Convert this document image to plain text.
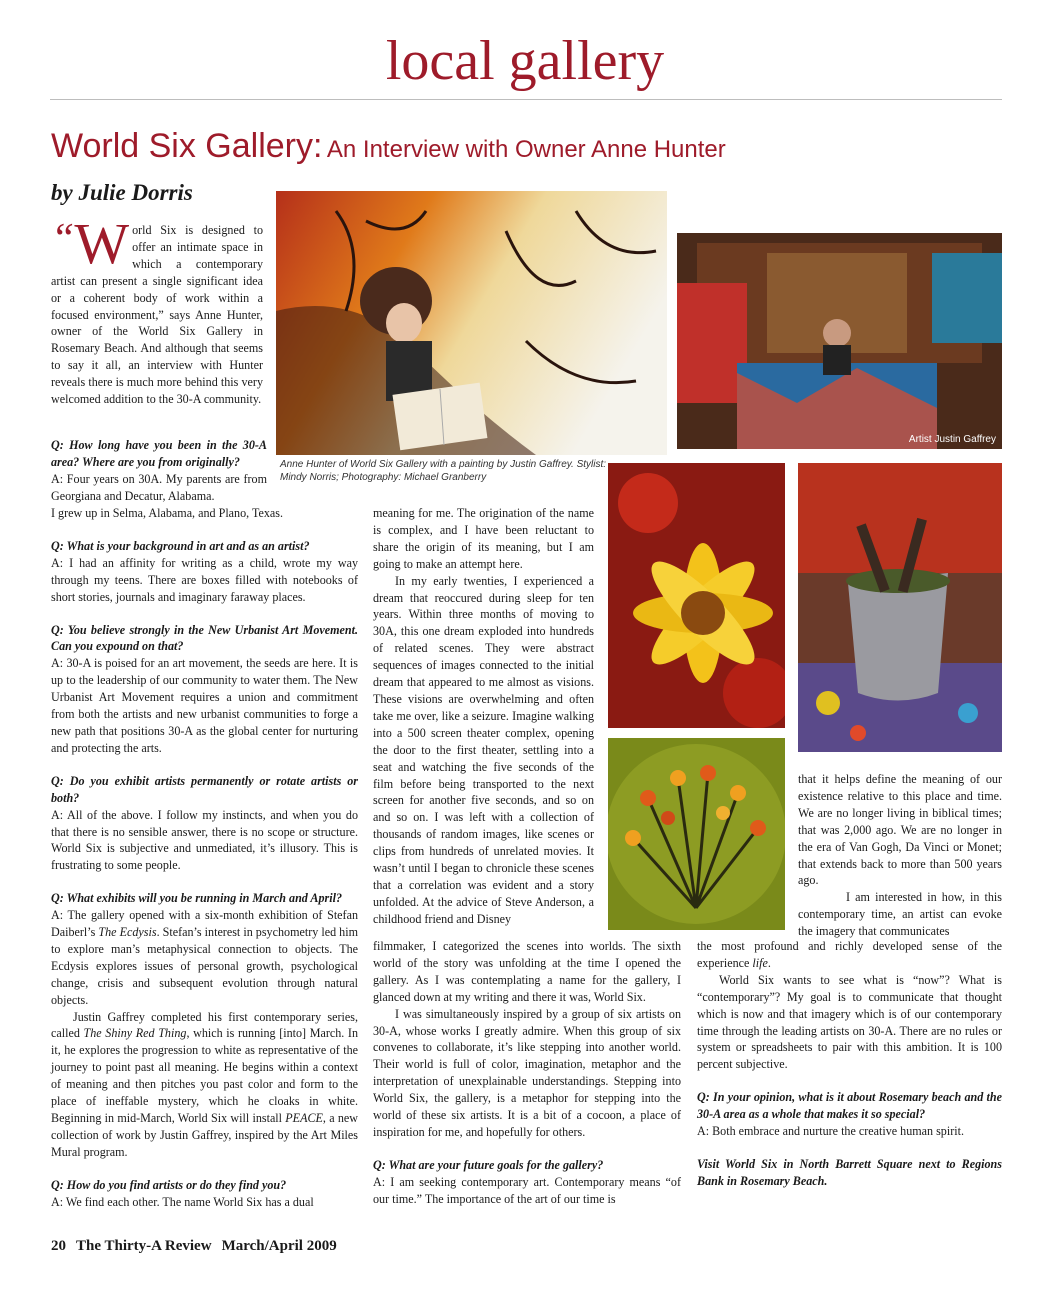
local gallery
World Six Gallery: An Interview with Owner Anne Hunter
by Julie Dorris

“ W orld Six is designed to offer an intimate space in which a contemporary artist can present a single significant idea or a coherent body of work within a focused environment,” says Anne Hunter, owner of the World Six Gallery in Rosemary Beach. And although that seems to say it all, an interview with Hunter reveals there is much more behind this very welcomed addition to the 30-A community.

Q: How long have you been in the 30-A area? Where are you from originally?

A: Four years on 30A. My parents are from Georgiana and Decatur, Alabama.

I grew up in Selma, Alabama, and Plano, Texas.

Q: What is your background in art and as an artist?

A: I had an affinity for writing as a child, wrote my way through my teens. There are boxes filled with notebooks of short stories, journals and imaginary faraway places.

Q: You believe strongly in the New Urbanist Art Movement. Can you expound on that?

A: 30-A is poised for an art movement, the seeds are here. It is up to the leadership of our community to water them. The New Urbanist Art Movement requires a union and commitment from both the artists and new urbanist communities to forge a new path that positions 30-A as the global center for nurturing and protecting the arts.

Q: Do you exhibit artists permanently or rotate artists or both?

A: All of the above. I follow my instincts, and when you do that there is no sensible answer, there is no scope or structure. World Six is subjective and unmediated, it’s illusory. This is frustrating to some people.

Q: What exhibits will you be running in March and April?

A: The gallery opened with a six-month exhibition of Stefan Daiberl’s The Ecdysis. Stefan’s interest in psychometry led him to explore man’s metaphysical connection to objects. The Ecdysis explores issues of personal growth, psychological change, crisis and subsequent evolution through natural objects.

Justin Gaffrey completed his first contemporary series, called The Shiny Red Thing, which is running [into] March. In it, he explores the progression to white as representative of the journey to point past all meaning. He begins within a context of meaning and then pitches you past color and form to the place of ineffable mystery, which he cloaks in white. Beginning in mid-March, World Six will install PEACE, a new collection of work by Justin Gaffrey, inspired by the Art Miles Mural program.

Q: How do you find artists or do they find you?

A: We find each other. The name World Six has a dual

meaning for me. The origination of the name is complex, and I have been reluctant to share the origin of its meaning, but I am going to make an attempt here.

In my early twenties, I experienced a dream that reoccured during sleep for ten years. Within three months of moving to 30A, this one dream exploded into hundreds of related scenes. They were abstract sequences of images connected to the initial dream that appeared to me almost as visions. These visions are overwhelming and often take me over, like a seizure. Imagine walking into a 500 screen theater complex, opening the door to the first theater, settling into a seat and watching the five seconds of the film before being transported to the next screen for another five seconds, and so on and so on. I was left with a collection of thousands of random images, like scenes or clips from hundreds of unrelated movies. It wasn’t until I began to chronicle these scenes that a correlation was evident and a story unfolded. At the advice of Steve Anderson, a childhood friend and Disney

filmmaker, I categorized the scenes into worlds. The sixth world of the story was unfolding at the time I opened the gallery. As I was contemplating a name for the gallery, I glanced down at my writing and there it was, World Six.

I was simultaneously inspired by a group of six artists on 30-A, whose works I greatly admire. When this group of six convenes to collaborate, it’s like stepping into another world. Their world is full of color, imagination, metaphor and the interpretation of unexplainable understandings. Stepping into World Six, the gallery, is a metaphor for stepping into the world of these six artists. It is a bit of a cocoon, a place of inspiration for me, and hopefully for others.

Q: What are your future goals for the gallery?

A: I am seeking contemporary art. Contemporary means “of our time.” The importance of the art of our time is

that it helps define the meaning of our existence relative to this place and time. We are no longer living in biblical times; that was 2,000 ago. We are no longer in the era of Van Gogh, Da Vinci or Monet; that extends back to more than 500 years ago.

I am interested in how, in this contemporary time, an artist can evoke the imagery that communicates

the most profound and richly developed sense of the experience life.

World Six wants to see what is “now”? What is “contemporary”? My goal is to communicate that thought which is now and that imagery which is of our contemporary time through the leading artists on 30-A. There are no rules or system or spreadsheets to pair with this ambition. It is 100 percent subjective.

Q: In your opinion, what is it about Rosemary beach and the 30-A area as a whole that makes it so special?

A: Both embrace and nurture the creative human spirit.

Visit World Six in North Barrett Square next to Regions Bank in Rosemary Beach.

Anne Hunter of World Six Gallery with a painting by Justin Gaffrey. Stylist: Mindy Norris; Photography: Michael Granberry
Artist Justin Gaffrey
20 The Thirty-A Review March/April 2009
